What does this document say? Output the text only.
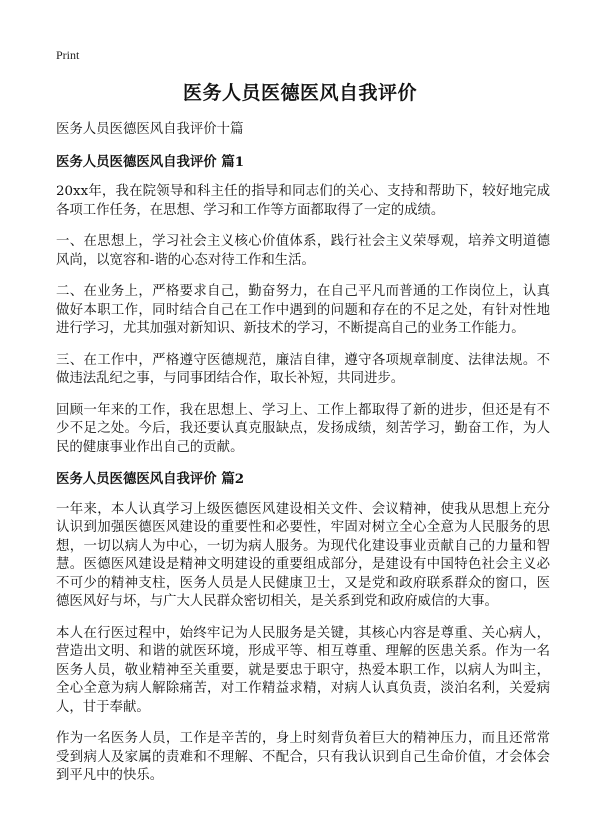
Print
医务人员医德医风自我评价

医务人员医德医风自我评价十篇

医务人员医德医风自我评价 篇1

20xx年，我在院领导和科主任的指导和同志们的关心、支持和帮助下，较好地完成各项工作任务，在思想、学习和工作等方面都取得了一定的成绩。

一、在思想上，学习社会主义核心价值体系，践行社会主义荣辱观，培养文明道德风尚，以宽容和-谐的心态对待工作和生活。

二、在业务上，严格要求自己，勤奋努力，在自己平凡而普通的工作岗位上，认真做好本职工作，同时结合自己在工作中遇到的问题和存在的不足之处，有针对性地进行学习，尤其加强对新知识、新技术的学习，不断提高自己的业务工作能力。

三、在工作中，严格遵守医德规范，廉洁自律，遵守各项规章制度、法律法规。不做违法乱纪之事，与同事团结合作，取长补短，共同进步。

回顾一年来的工作，我在思想上、学习上、工作上都取得了新的进步，但还是有不少不足之处。今后，我还要认真克服缺点，发扬成绩，刻苦学习，勤奋工作，为人民的健康事业作出自己的贡献。

医务人员医德医风自我评价 篇2

一年来，本人认真学习上级医德医风建设相关文件、会议精神，使我从思想上充分认识到加强医德医风建设的重要性和必要性，牢固对树立全心全意为人民服务的思想，一切以病人为中心，一切为病人服务。为现代化建设事业贡献自己的力量和智慧。医德医风建设是精神文明建设的重要组成部分，是建设有中国特色社会主义必不可少的精神支柱，医务人员是人民健康卫士，又是党和政府联系群众的窗口，医德医风好与坏，与广大人民群众密切相关，是关系到党和政府威信的大事。

本人在行医过程中，始终牢记为人民服务是关键，其核心内容是尊重、关心病人，营造出文明、和谐的就医环境，形成平等、相互尊重、理解的医患关系。作为一名医务人员，敬业精神至关重要，就是要忠于职守，热爱本职工作，以病人为叫主，全心全意为病人解除痛苦，对工作精益求精，对病人认真负责，淡泊名利，关爱病人，甘于奉献。

作为一名医务人员，工作是辛苦的，身上时刻背负着巨大的精神压力，而且还常常受到病人及家属的责难和不理解、不配合，只有我认识到自己生命价值，才会体会到平凡中的快乐。
